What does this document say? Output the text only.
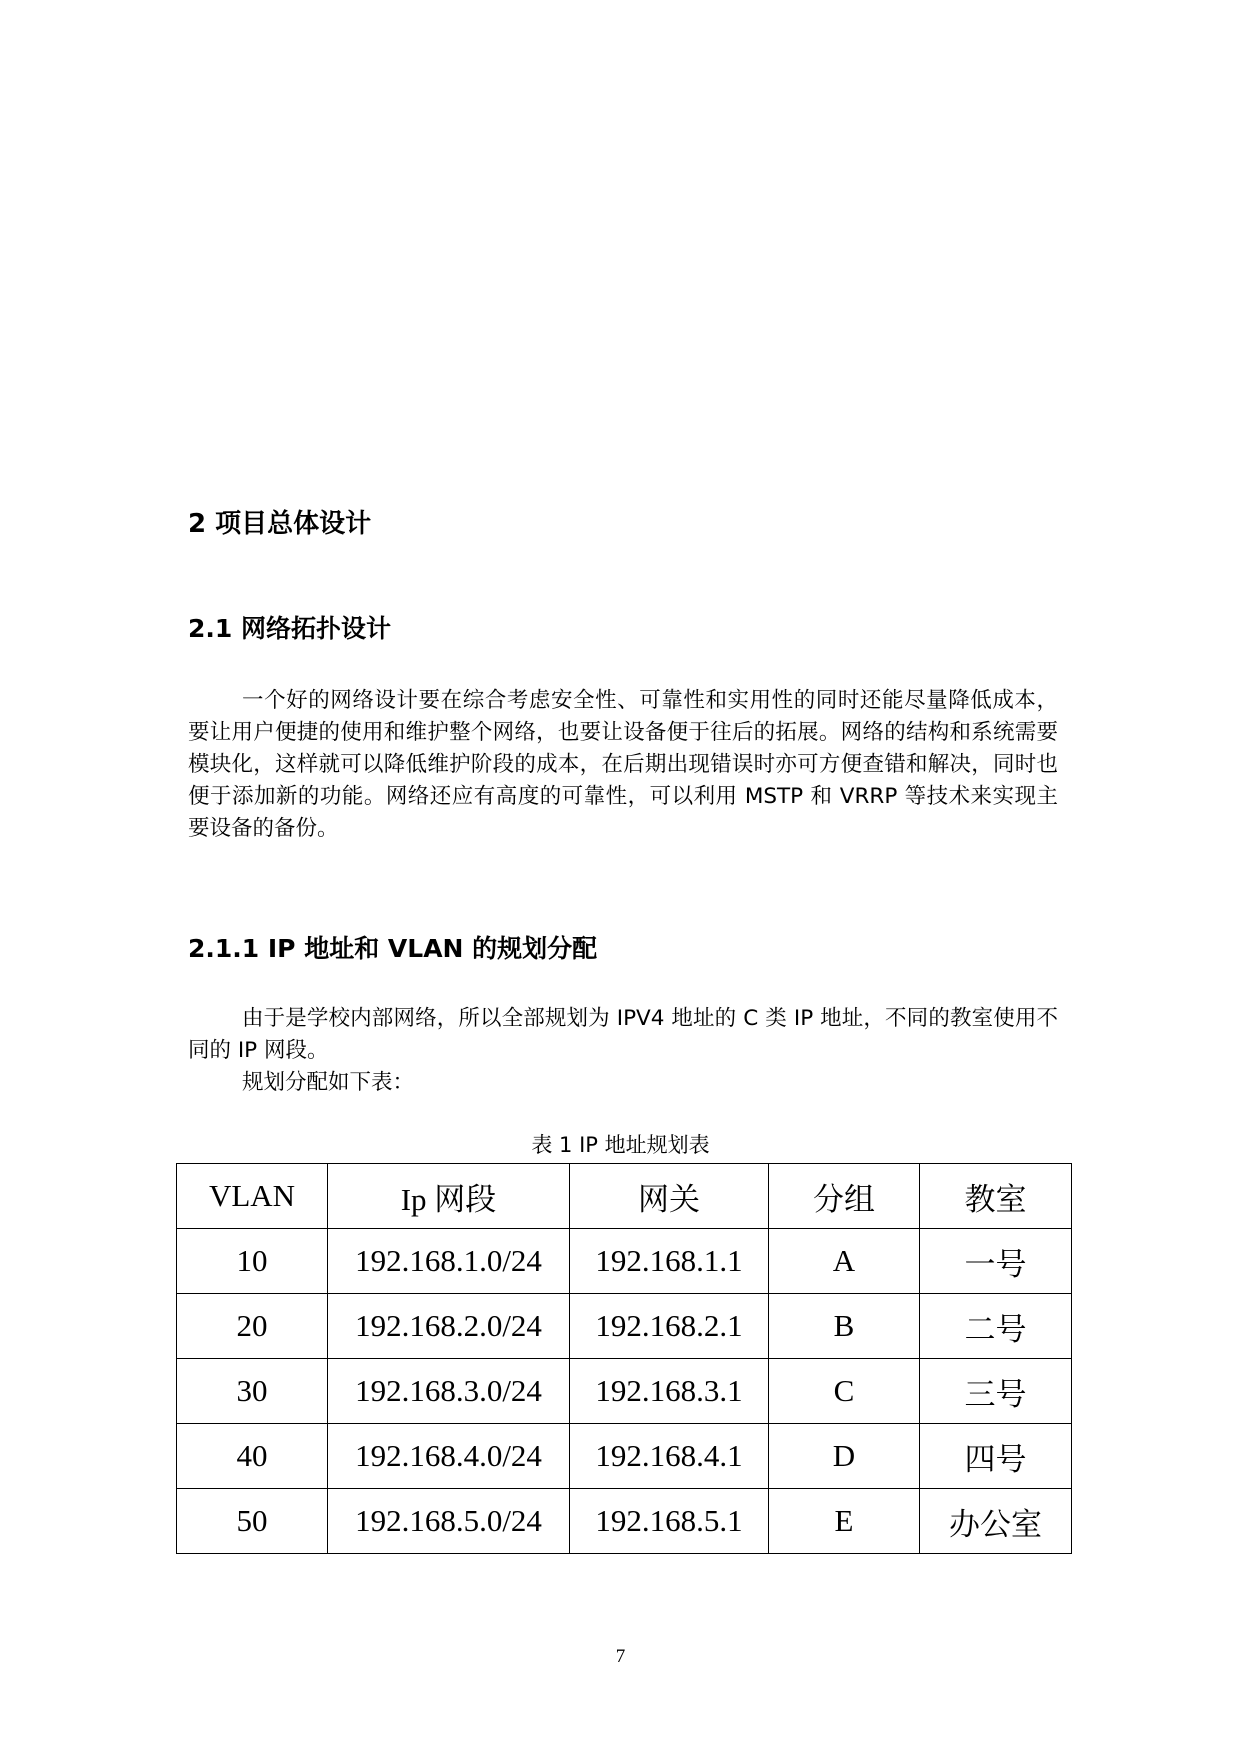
2 项目总体设计
2.1 网络拓扑设计

一个好的网络设计要在综合考虑安全性、可靠性和实用性的同时还能尽量降低成本，要让用户便捷的使用和维护整个网络，也要让设备便于往后的拓展。网络的结构和系统需要模块化，这样就可以降低维护阶段的成本，在后期出现错误时亦可方便查错和解决，同时也便于添加新的功能。网络还应有高度的可靠性，可以利用 MSTP 和 VRRP 等技术来实现主要设备的备份。

2.1.1 IP 地址和 VLAN 的规划分配

由于是学校内部网络，所以全部规划为 IPV4 地址的 C 类 IP 地址，不同的教室使用不同的 IP 网段。

规划分配如下表：

表 1 IP 地址规划表
VLAN	Ip 网段	网关	分组	教室
10	192.168.1.0/24	192.168.1.1	A	一号
20	192.168.2.0/24	192.168.2.1	B	二号
30	192.168.3.0/24	192.168.3.1	C	三号
40	192.168.4.0/24	192.168.4.1	D	四号
50	192.168.5.0/24	192.168.5.1	E	办公室
7
